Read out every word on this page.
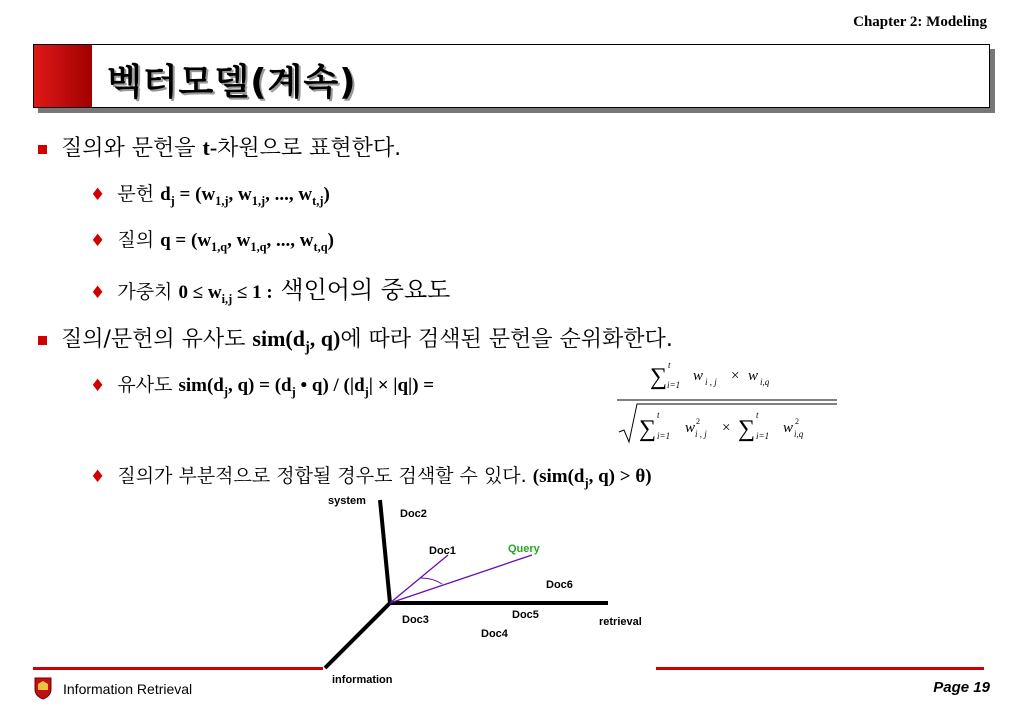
Chapter 2: Modeling
벡터모델(계속)
질의와 문헌을 t-차원으로 표현한다.
♦ 문헌 $d_j = (w_{1,j}$, $w_{1,j}$, ..., $w_{t,j}$)
♦ 질의 $q = (w_{1,q}$, $w_{1,q}$, ..., $w_{t,q}$)
♦ 가중치 $0 \le w_{i,j} \le 1$ : 색인어의 중요도
질의/문헌의 유사도 $sim(d_j$, q)에 따라 검색된 문헌을 순위화한다.
♦ 유사도 $sim(d_j$, $q) = (d_j$ • $q) / (|d_j| \times |q|)$ =	∑ t
i=1
w i , j × w i,q
∑
t
i=1 w 2
i , j × ∑
t
i=1 w 2
i,q
♦ 질의가 부분적으로 정합될 경우도 검색할 수 있다. ($sim(d_j$, q) > θ)
system
retrieval
information
Doc2
Doc1	Query
Doc6
Doc5
Doc3
Doc4
Information Retrieval	Page 19
